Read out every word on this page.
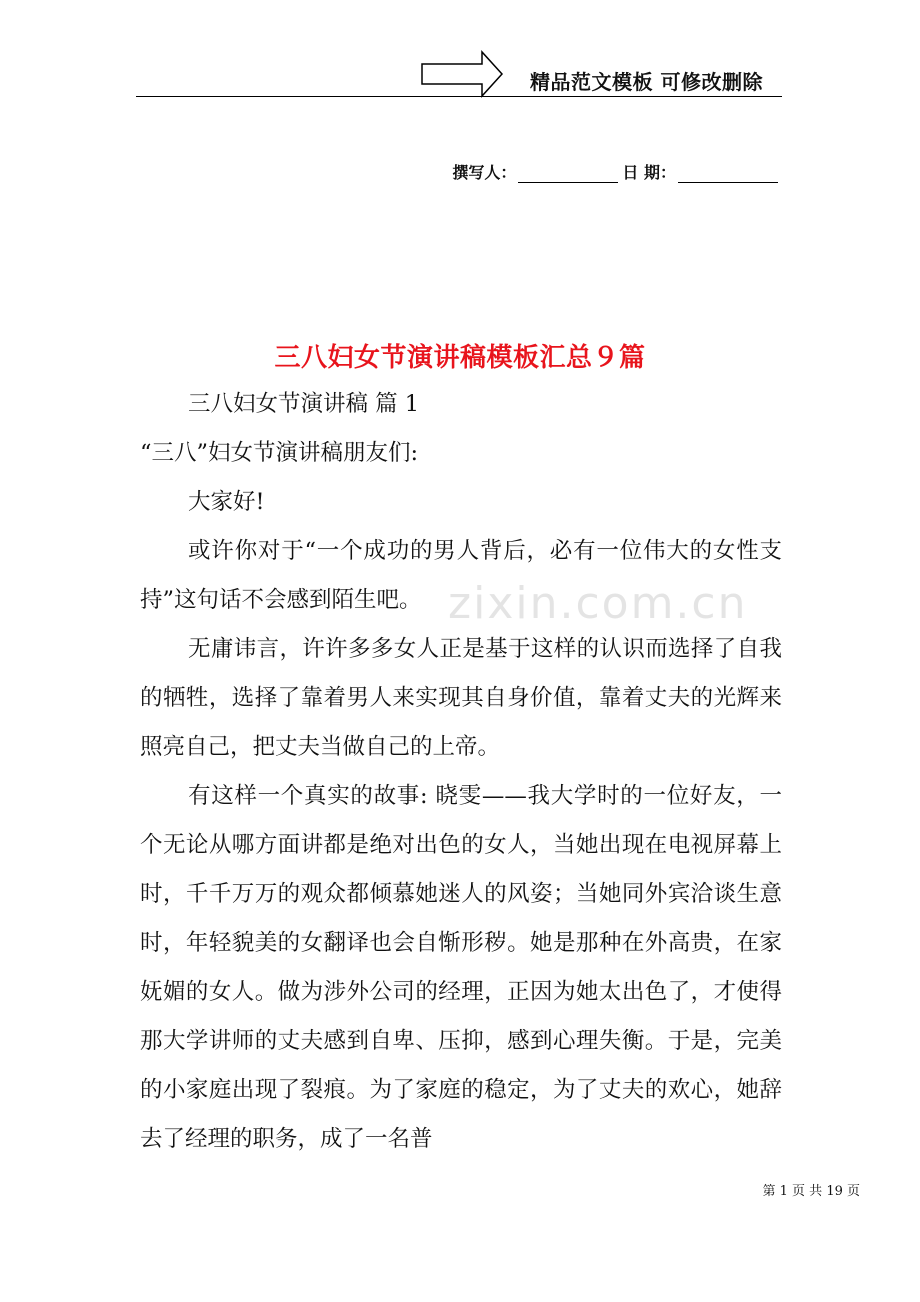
精品范文模板 可修改删除
撰写人：	日 期：
三八妇女节演讲稿模板汇总９篇
zixin.com.cn

三八妇女节演讲稿 篇 1

“三八”妇女节演讲稿朋友们:

大家好!

或许你对于“一个成功的男人背后，必有一位伟大的女性支持”这句话不会感到陌生吧。

无庸讳言，许许多多女人正是基于这样的认识而选择了自我的牺牲，选择了靠着男人来实现其自身价值，靠着丈夫的光辉来照亮自己，把丈夫当做自己的上帝。

有这样一个真实的故事: 晓雯——我大学时的一位好友，一个无论从哪方面讲都是绝对出色的女人，当她出现在电视屏幕上时，千千万万的观众都倾慕她迷人的风姿；当她同外宾洽谈生意时，年轻貌美的女翻译也会自惭形秽。她是那种在外高贵，在家妩媚的女人。做为涉外公司的经理，正因为她太出色了，才使得那大学讲师的丈夫感到自卑、压抑，感到心理失衡。于是，完美的小家庭出现了裂痕。为了家庭的稳定，为了丈夫的欢心，她辞去了经理的职务，成了一名普

第 1 页 共 19 页
